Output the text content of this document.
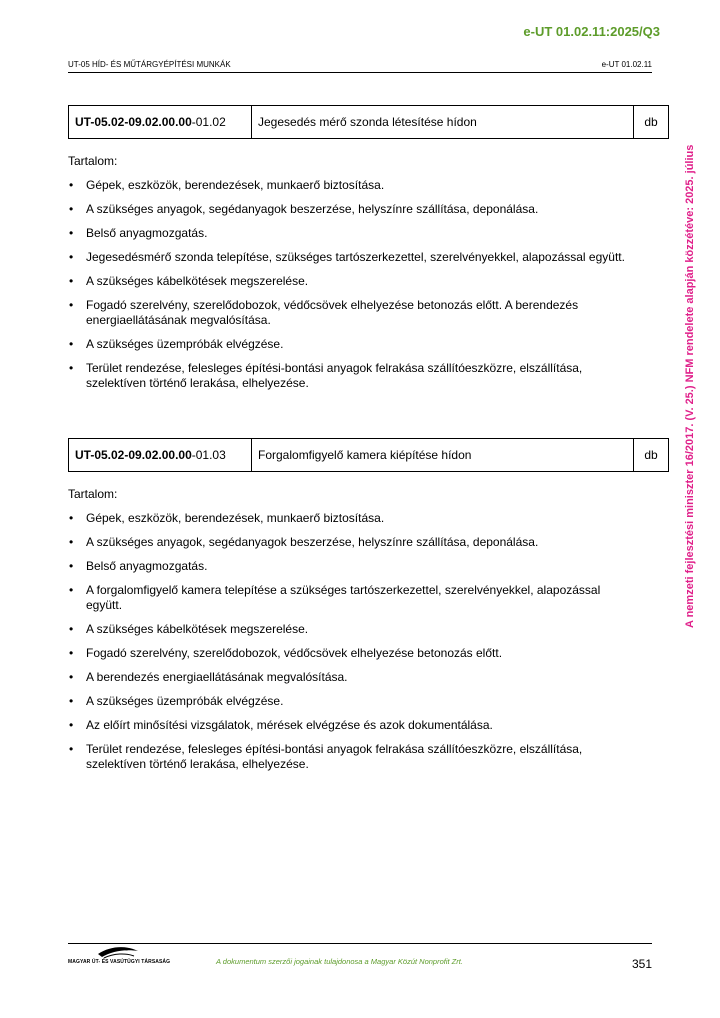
e-UT 01.02.11:2025/Q3
UT-05 HÍD- ÉS MŰTÁRGYÉPÍTÉSI MUNKÁK	e-UT 01.02.11
A nemzeti fejlesztési miniszter 16/2017. (V. 25.) NFM rendelete alapján közzétéve: 2025. július
UT-05.02-09.02.00.00-01.02	Jegesedés mérő szonda létesítése hídon	db
Tartalom:
• Gépek, eszközök, berendezések, munkaerő biztosítása.
• A szükséges anyagok, segédanyagok beszerzése, helyszínre szállítása, deponálása.
• Belső anyagmozgatás.
• Jegesedésmérő szonda telepítése, szükséges tartószerkezettel, szerelvényekkel, alapozással együtt.
• A szükséges kábelkötések megszerelése.
• Fogadó szerelvény, szerelődobozok, védőcsövek elhelyezése betonozás előtt. A berendezés energiaellátásának megvalósítása.
• A szükséges üzempróbák elvégzése.
• Terület rendezése, felesleges építési-bontási anyagok felrakása szállítóeszközre, elszállítása, szelektíven történő lerakása, elhelyezése.
UT-05.02-09.02.00.00-01.03	Forgalomfigyelő kamera kiépítése hídon	db
Tartalom:
• Gépek, eszközök, berendezések, munkaerő biztosítása.
• A szükséges anyagok, segédanyagok beszerzése, helyszínre szállítása, deponálása.
• Belső anyagmozgatás.
• A forgalomfigyelő kamera telepítése a szükséges tartószerkezettel, szerelvényekkel, alapozással együtt.
• A szükséges kábelkötések megszerelése.
• Fogadó szerelvény, szerelődobozok, védőcsövek elhelyezése betonozás előtt.
• A berendezés energiaellátásának megvalósítása.
• A szükséges üzempróbák elvégzése.
• Az előírt minősítési vizsgálatok, mérések elvégzése és azok dokumentálása.
• Terület rendezése, felesleges építési-bontási anyagok felrakása szállítóeszközre, elszállítása, szelektíven történő lerakása, elhelyezése.
MAGYAR ÚT- ÉS VASÚTÜGYI TÁRSASÁG	A dokumentum szerzői jogainak tulajdonosa a Magyar Közút Nonprofit Zrt.	351
